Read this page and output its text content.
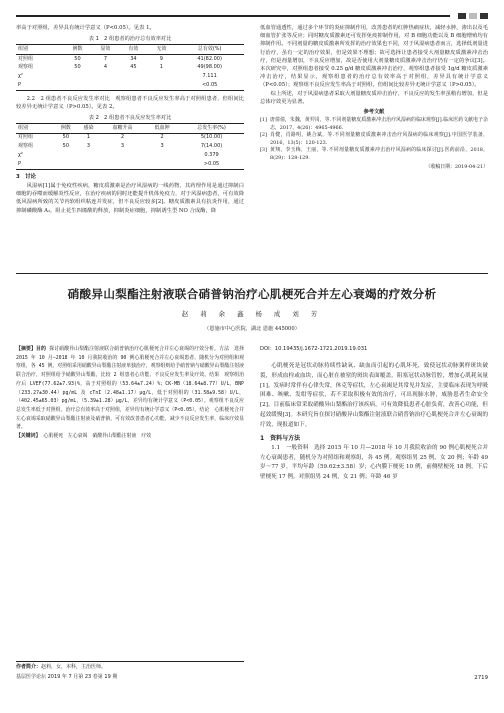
率高于对照组，差异具有统计学意义（P<0.05）。见表 1。

表 1　2 组患者的治疗总有效率对比
组别	例数	显效	有效	无效	总有效(%)
对照组	50	7	34	9	41(82.00)
观察组	50	4	45	1	49(98.00)
χ²					7.111
P					<0.05

2.2　2 组患者不良反应发生率对比　观察组患者不良反应发生率高于对照组患者，但组间比较差异无统计学意义（P>0.05）。见表 2。

表 2　2 组患者不良反应发生率对比
组别	例数	感染	血糖升高	低血钾	总发生率(%)
对照组	50	1	2	2	5(10.00)
观察组	50	3	3	3	7(14.00)
χ²					0.379
P					>0.05
3　讨论

风湿病[1]属于免疫性疾病，糖皮质激素是治疗风湿病的一线药物，其药理作用是通过抑制白细胞的吞噬而缓解炎性反应，在治疗疾病的同时还能提升机体免疫力，对于风湿病患者，可有效降低风湿病所致的关节内软组织粘连并发症，但不良反应较多[2]。糖皮质激素具有抗炎作用，通过抑制磷酸酶 A₂，阻止花生四烯酸的释放，抑制炎症细胞，抑制诱生型 NO 合成酶，降

低血管通透性，通过多个环节的炎症抑制作用，改善患者的红肿热痛症状，减轻水肿，渗出以及毛细血管扩张等反应；同时糖皮质激素还可发挥免疫抑制作用，对 B 细胞功能以及 B 细胞增殖均有抑制作用。不同剂量的糖皮质激素所发挥的治疗效果也不同，对于风湿病患者而言，选择低剂量进行治疗，虽有一定的治疗效果，但是效果不理想；故可选择让患者接受大剂量糖皮质激素冲击治疗，但是剂量增加，不良反应增加，故是否使用大剂量糖皮质激素冲击治疗仍有一定的争议[3]。本次研究中，对照组患者接受 0.25 g/d 糖皮质激素冲击治疗，观察组患者接受 1g/d 糖皮质激素冲击治疗，结果显示，观察组患者的治疗总有效率高于对照组，差异具有统计学意义（P<0.05）；观察组不良反应发生率高于对照组，但组间比较差异无统计学意义（P>0.05）。

综上所述，对于风湿病患者采取大剂量糖皮质冲击治疗，不良反应的发生率虽稍有增加，但是总体疗效更为显著。

参考文献
[1] 唐倩倩，朱魏，黄羿岗，等.不同剂量糖皮质激素冲击治疗风湿病的临床观察[J].临床医药文献电子杂志，2017，4(26)：4965-4966.
[2] 肖健，肖路明，姚合斌，等.不同剂量糖皮质激素冲击治疗风湿病的临床观察[J].中国医学装备，2016，13(5)：120-123.
[3] 黄翔，李玉梅，王丽，等.不同剂量糖皮质激素冲击治疗风湿病的临床探讨[J].医药前沿，2018，8(29)：128-129.
（收稿日期：2019-04-21）
硝酸异山梨酯注射液联合硝普钠治疗心肌梗死合并左心衰竭的疗效分析
赵 莉 余 鑫 杨 成 刘 芳
（恩施市中心医院，湖北 恩施 445000）
【摘要】目的 探讨硝酸异山梨酯注射液联合硝普钠治疗心肌梗死合并左心衰竭的疗效分析。方法　选择 2015 年 10 月—2018 年 10 月我院收治的 90 例心肌梗死合并左心衰竭患者，随机分为对照组和观察组，各 45 例。对照组采用硝酸异山梨酯注射液单独治疗，观察组则给予硝普钠与硝酸异山梨酯注射液联合治疗，对照组给予硝酸异山梨酯，比较 2 组患者心功能、不良反应发生率及疗效。结果　观察组治疗后 LVEF(77.62±7.93)%，高于对照组的（53.64±7.24）%；CK-MB（18.64±8.77）U/L，BNP（233.27±30.44）pg/mL 及 cTnI（2.48±1.17）μg/L，低于对照组的（31.58±9.58）U/L，（402.45±65.03）pg/mL，（5.39±1.28）μg/L，差异均有统计学意义（P<0.05）。观察组不良反应总发生率低于对照组，治疗总有效率高于对照组，差异均有统计学意义（P<0.05）。结论　心肌梗死合并左心衰竭采取硝酸异山梨酯注射液及硝普钠，可有效改善患者心功能，减少不良反应发生率，临床疗效显著。
【关键词】 心肌梗死　左心衰竭　硝酸异山梨酯注射液　疗效
DOI：10.19435/j.1672-1721.2019.19.031

心肌梗死是冠状动脉持续性缺氧、缺血而引起的心肌坏死，致使冠状动脉粥样斑块破裂，形成血栓或血块，而心脏在被窒的斑块表面覆盖，阻塞冠状动脉管腔，增加心肌耗氧量[1]。发病时常伴有心律失常，休克等症状，左心衰竭是其常见并发症，主要临床表现为呼吸困难、咳嗽、发绀等症状，若不采取积极有效的治疗，可出现肺水肿，威胁患者生命安全[2]。目前临床常采取硝酸异山梨酯治疗该疾病，可有效降低患者心脏负荷，改善心功能，但起效缓慢[3]。本研究旨在探讨硝酸异山梨酯注射液联合硝普钠治疗心肌梗死合并左心衰竭的疗效，现报道如下。

1　资料与方法

1.1　一般资料　选择 2015 年 10 月—2018 年 10 月我院收治的 90 例心肌梗死合并左心衰竭患者，随机分为对照组和观察组，各 45 例。观察组男 25 例，女 20 例；年龄 49 岁～77 岁，平均年龄（59.62±3.58）岁；心内膜下梗死 10 例，前侧壁梗死 18 例，下后壁梗死 17 例。对照组男 24 例，女 21 例；年龄 46 岁

作者简介：赵莉，女，本科，主治医师。
基层医学论坛 2019 年 7 月第 23 卷第 19 期	2719
